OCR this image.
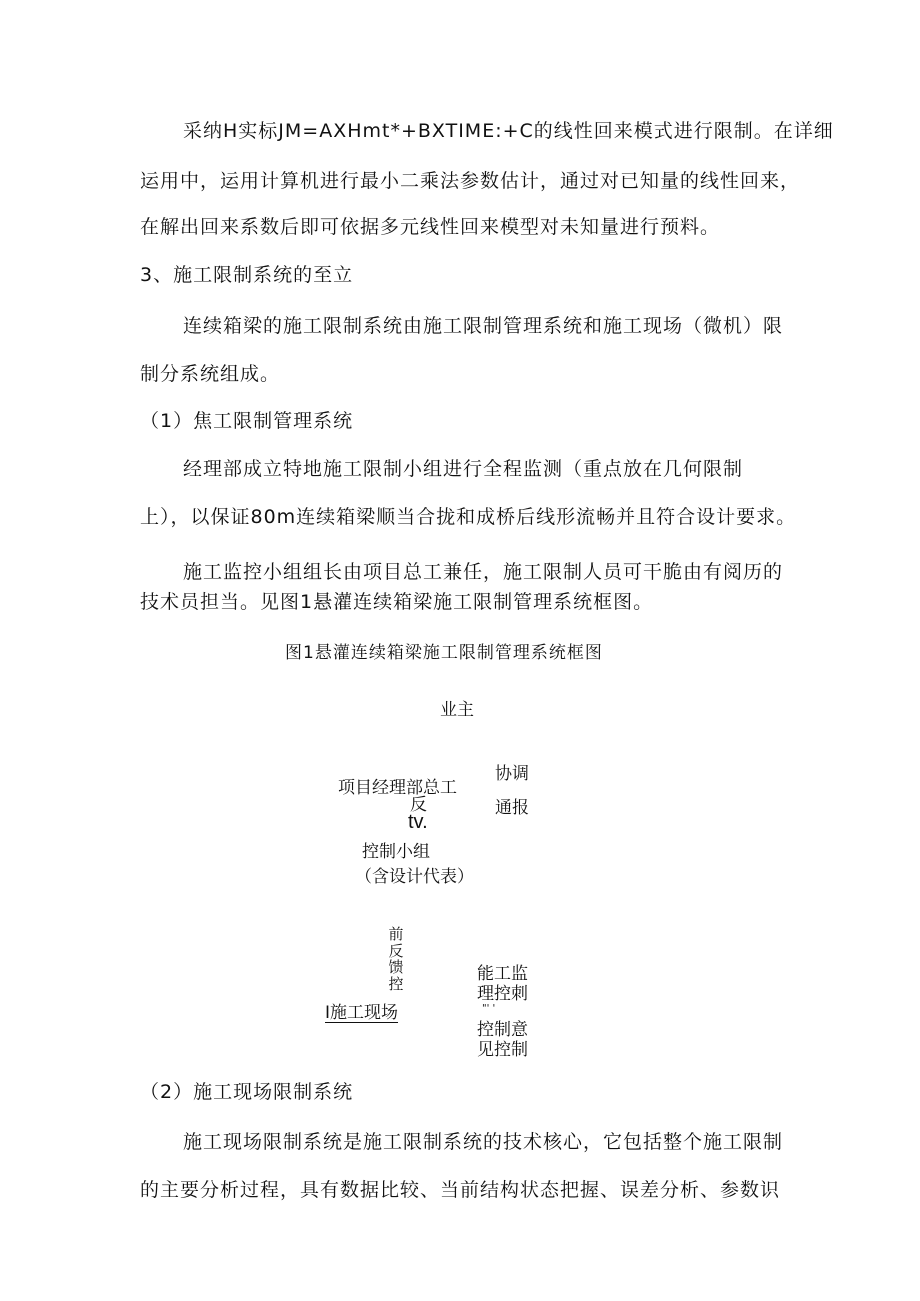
采纳H实标JM=AXHmt*+BXTIME:+C的线性回来模式进行限制。在详细
运用中，运用计算机进行最小二乘法参数估计，通过对已知量的线性回来，
在解出回来系数后即可依据多元线性回来模型对未知量进行预料。
3、施工限制系统的至立
连续箱梁的施工限制系统由施工限制管理系统和施工现场（微机）限
制分系统组成。
（1）焦工限制管理系统
经理部成立特地施工限制小组进行全程监测（重点放在几何限制
上），以保证80m连续箱梁顺当合拢和成桥后线形流畅并且符合设计要求。
施工监控小组组长由项目总工兼任，施工限制人员可干脆由有阅历的
技术员担当。见图1悬灌连续箱梁施工限制管理系统框图。
图1悬灌连续箱梁施工限制管理系统框图
业主
项目经理部总工
协调
通报
反
tv.
控制小组
（含设计代表）
前反馈控	能工监
理控刺
"' '
控制意
见控制
I施工现场
（2）施工现场限制系统
施工现场限制系统是施工限制系统的技术核心，它包括整个施工限制
的主要分析过程，具有数据比较、当前结构状态把握、误差分析、参数识
